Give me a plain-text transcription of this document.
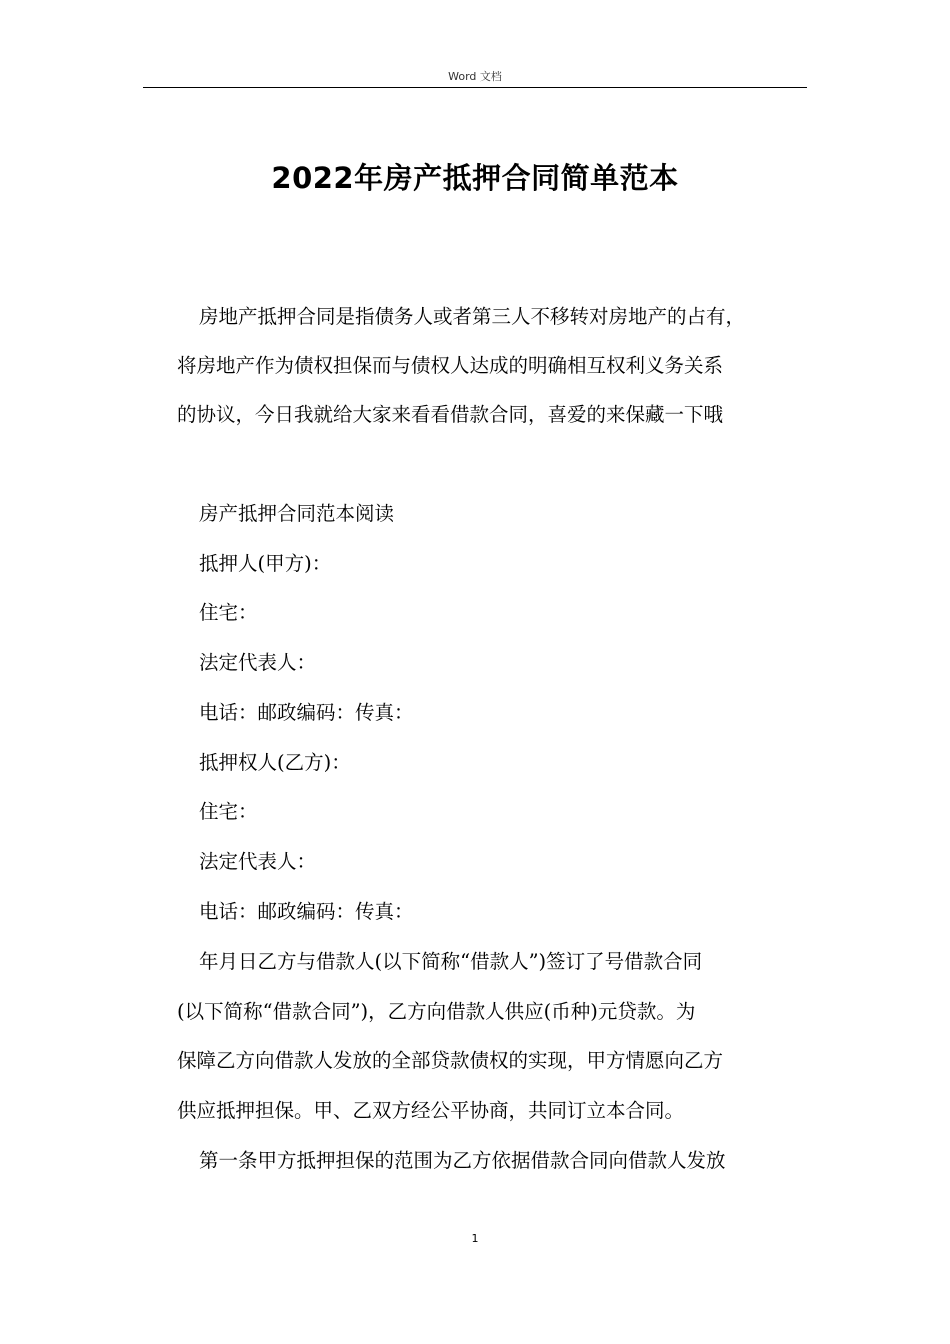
Word 文档
2022年房产抵押合同简单范本
房地产抵押合同是指债务人或者第三人不移转对房地产的占有，
将房地产作为债权担保而与债权人达成的明确相互权利义务关系
的协议，今日我就给大家来看看借款合同，喜爱的来保藏一下哦
房产抵押合同范本阅读
抵押人(甲方)：
住宅：
法定代表人：
电话：邮政编码：传真：
抵押权人(乙方)：
住宅：
法定代表人：
电话：邮政编码：传真：
年月日乙方与借款人(以下简称“借款人”)签订了号借款合同
(以下简称“借款合同”)，乙方向借款人供应(币种)元贷款。为
保障乙方向借款人发放的全部贷款债权的实现，甲方情愿向乙方
供应抵押担保。甲、乙双方经公平协商，共同订立本合同。
第一条甲方抵押担保的范围为乙方依据借款合同向借款人发放
1
